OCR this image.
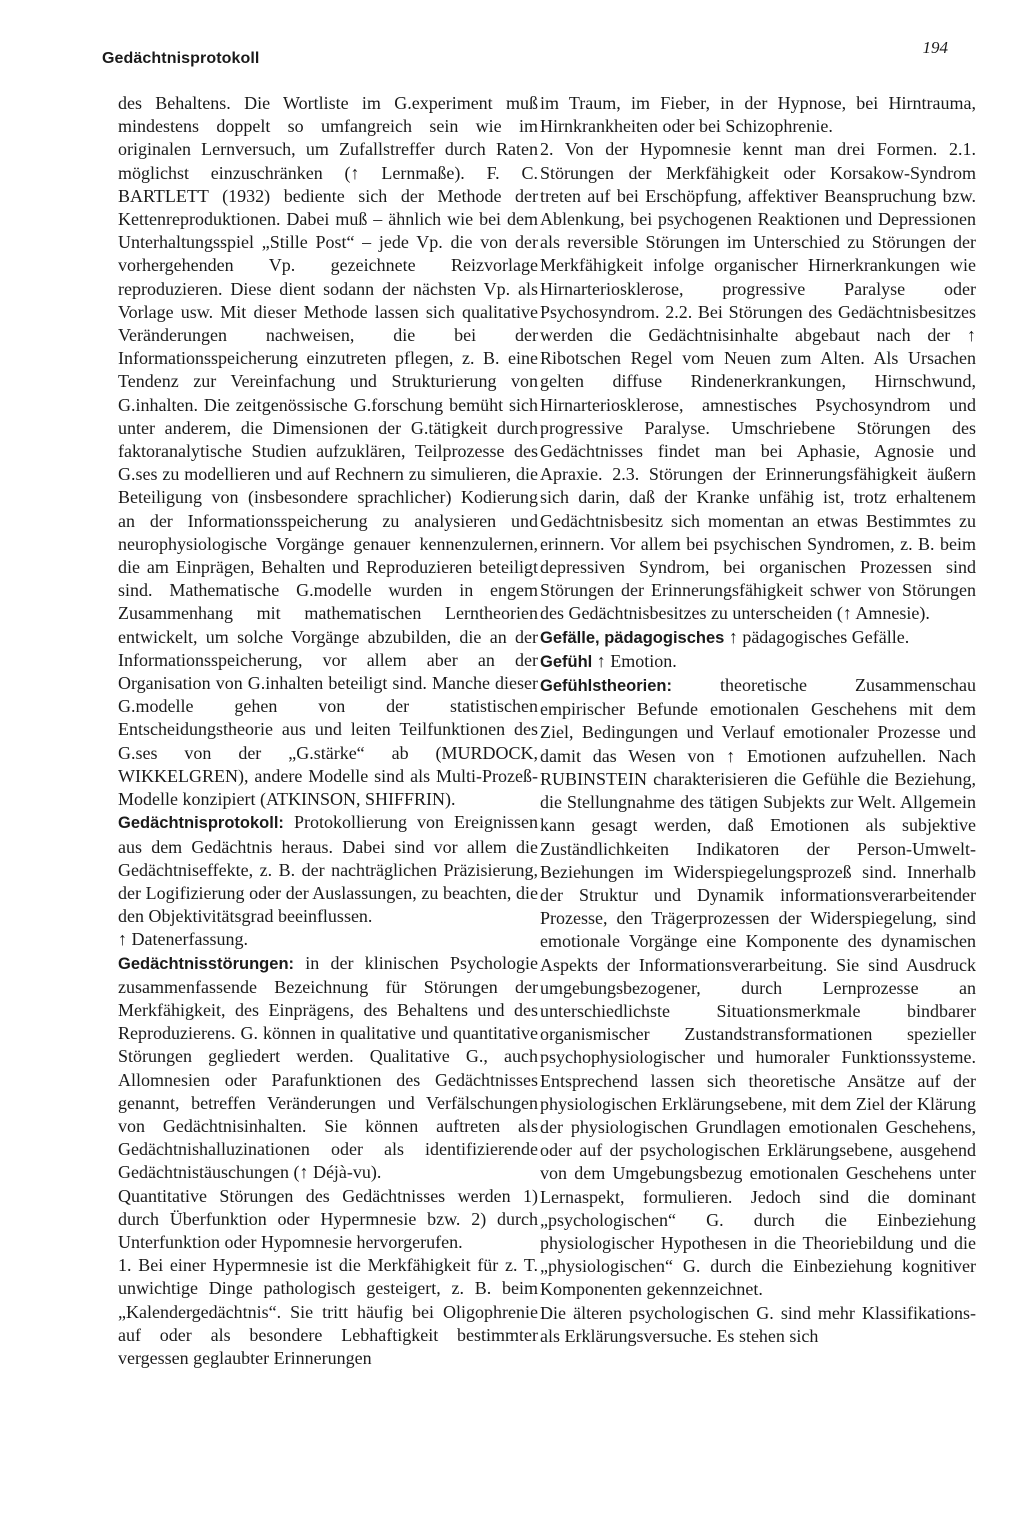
Gedächtnisprotokoll
194

des Behaltens. Die Wortliste im G.experiment muß mindestens doppelt so umfangreich sein wie im originalen Lernversuch, um Zufallstreffer durch Raten möglichst einzuschränken (↑ Lernmaße). F. C. BARTLETT (1932) bediente sich der Methode der Kettenreproduktionen. Dabei muß – ähnlich wie bei dem Unterhaltungsspiel „Stille Post“ – jede Vp. die von der vorhergehenden Vp. gezeichnete Reizvorlage reproduzieren. Diese dient sodann der nächsten Vp. als Vorlage usw. Mit dieser Methode lassen sich qualitative Veränderungen nachweisen, die bei der Informationsspeicherung einzutreten pflegen, z. B. eine Tendenz zur Vereinfachung und Strukturierung von G.inhalten. Die zeitgenössische G.forschung bemüht sich unter anderem, die Dimensionen der G.tätigkeit durch faktoranalytische Studien aufzuklären, Teilprozesse des G.ses zu modellieren und auf Rechnern zu simulieren, die Beteiligung von (insbesondere sprachlicher) Kodierung an der Informationsspeicherung zu analysieren und neurophysiologische Vorgänge genauer kennenzulernen, die am Einprägen, Behalten und Reproduzieren beteiligt sind. Mathematische G.modelle wurden in engem Zusammenhang mit mathematischen Lerntheorien entwickelt, um solche Vorgänge abzubilden, die an der Informationsspeicherung, vor allem aber an der Organisation von G.inhalten beteiligt sind. Manche dieser G.modelle gehen von der statistischen Entscheidungstheorie aus und leiten Teilfunktionen des G.ses von der „G.stärke“ ab (MURDOCK, WIKKELGREN), andere Modelle sind als Multi-Prozeß-Modelle konzipiert (ATKINSON, SHIFFRIN).

Gedächtnisprotokoll: Protokollierung von Ereignissen aus dem Gedächtnis heraus. Dabei sind vor allem die Gedächtniseffekte, z. B. der nachträglichen Präzisierung, der Logifizierung oder der Auslassungen, zu beachten, die den Objektivitätsgrad beeinflussen.

↑ Datenerfassung.

Gedächtnisstörungen: in der klinischen Psychologie zusammenfassende Bezeichnung für Störungen der Merkfähigkeit, des Einprägens, des Behaltens und des Reproduzierens. G. können in qualitative und quantitative Störungen gegliedert werden. Qualitative G., auch Allomnesien oder Parafunktionen des Gedächtnisses genannt, betreffen Veränderungen und Verfälschungen von Gedächtnisinhalten. Sie können auftreten als Gedächtnishalluzinationen oder als identifizierende Gedächtnistäuschungen (↑ Déjà-vu).

Quantitative Störungen des Gedächtnisses werden 1) durch Überfunktion oder Hypermnesie bzw. 2) durch Unterfunktion oder Hypomnesie hervorgerufen.

1. Bei einer Hypermnesie ist die Merkfähigkeit für z. T. unwichtige Dinge pathologisch gesteigert, z. B. beim „Kalendergedächtnis“. Sie tritt häufig bei Oligophrenie auf oder als besondere Lebhaftigkeit bestimmter vergessen geglaubter Erinnerungen

im Traum, im Fieber, in der Hypnose, bei Hirntrauma, Hirnkrankheiten oder bei Schizophrenie.

2. Von der Hypomnesie kennt man drei Formen. 2.1. Störungen der Merkfähigkeit oder Korsakow-Syndrom treten auf bei Erschöpfung, affektiver Beanspruchung bzw. Ablenkung, bei psychogenen Reaktionen und Depressionen als reversible Störungen im Unterschied zu Störungen der Merkfähigkeit infolge organischer Hirnerkrankungen wie Hirnarteriosklerose, progressive Paralyse oder Psychosyndrom. 2.2. Bei Störungen des Gedächtnisbesitzes werden die Gedächtnisinhalte abgebaut nach der ↑ Ribotschen Regel vom Neuen zum Alten. Als Ursachen gelten diffuse Rindenerkrankungen, Hirnschwund, Hirnarteriosklerose, amnestisches Psychosyndrom und progressive Paralyse. Umschriebene Störungen des Gedächtnisses findet man bei Aphasie, Agnosie und Apraxie. 2.3. Störungen der Erinnerungsfähigkeit äußern sich darin, daß der Kranke unfähig ist, trotz erhaltenem Gedächtnisbesitz sich momentan an etwas Bestimmtes zu erinnern. Vor allem bei psychischen Syndromen, z. B. beim depressiven Syndrom, bei organischen Prozessen sind Störungen der Erinnerungsfähigkeit schwer von Störungen des Gedächtnisbesitzes zu unterscheiden (↑ Amnesie).

Gefälle, pädagogisches ↑ pädagogisches Gefälle.

Gefühl ↑ Emotion.

Gefühlstheorien: theoretische Zusammenschau empirischer Befunde emotionalen Geschehens mit dem Ziel, Bedingungen und Verlauf emotionaler Prozesse und damit das Wesen von ↑ Emotionen aufzuhellen. Nach RUBINSTEIN charakterisieren die Gefühle die Beziehung, die Stellungnahme des tätigen Subjekts zur Welt. Allgemein kann gesagt werden, daß Emotionen als subjektive Zuständlichkeiten Indikatoren der Person-Umwelt-Beziehungen im Widerspiegelungsprozeß sind. Innerhalb der Struktur und Dynamik informationsverarbeitender Prozesse, den Trägerprozessen der Widerspiegelung, sind emotionale Vorgänge eine Komponente des dynamischen Aspekts der Informationsverarbeitung. Sie sind Ausdruck umgebungsbezogener, durch Lernprozesse an unterschiedlichste Situationsmerkmale bindbarer organismischer Zustandstransformationen spezieller psychophysiologischer und humoraler Funktionssysteme. Entsprechend lassen sich theoretische Ansätze auf der physiologischen Erklärungsebene, mit dem Ziel der Klärung der physiologischen Grundlagen emotionalen Geschehens, oder auf der psychologischen Erklärungsebene, ausgehend von dem Umgebungsbezug emotionalen Geschehens unter Lernaspekt, formulieren. Jedoch sind die dominant „psychologischen“ G. durch die Einbeziehung physiologischer Hypothesen in die Theoriebildung und die „physiologischen“ G. durch die Einbeziehung kognitiver Komponenten gekennzeichnet.

Die älteren psychologischen G. sind mehr Klassifikations- als Erklärungsversuche. Es stehen sich
